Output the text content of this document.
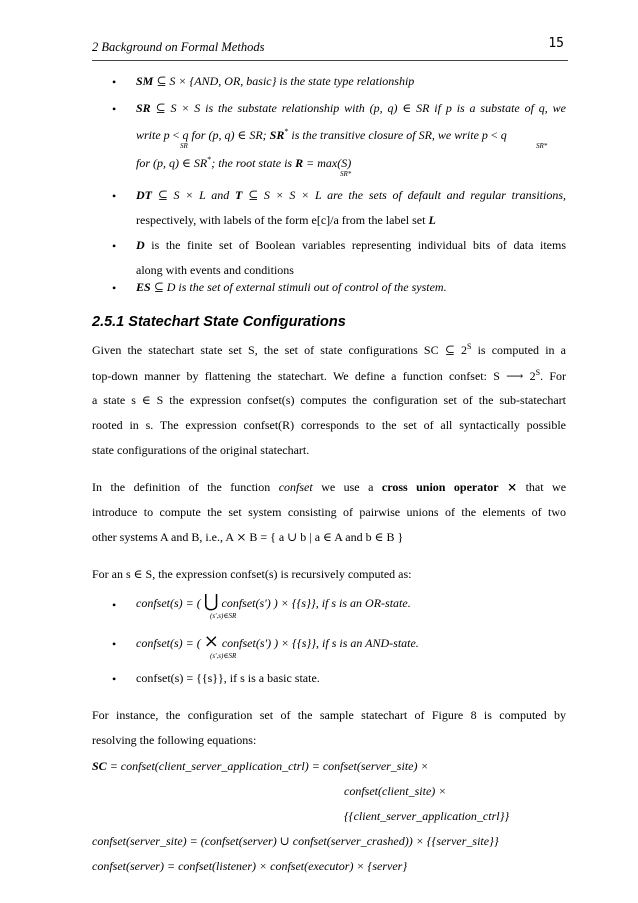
2 Background on Formal Methods	15
• SM ⊆ S × {AND, OR, basic} is the state type relationship
• SR ⊆ S × S is the substate relationship with (p, q) ∈ SR if p is a substate of q, we
write p < q for (p, q) ∈ SR; SR* is the transitive closure of SR, we write p < q
SR	SR*
for (p, q) ∈ SR*; the root state is R = max(S)
SR*
• DT ⊆ S × L and T ⊆ S × S × L are the sets of default and regular transitions,
respectively, with labels of the form e[c]/a from the label set L
• D is the finite set of Boolean variables representing individual bits of data items
along with events and conditions
• ES ⊆ D is the set of external stimuli out of control of the system.
2.5.1 Statechart State Configurations
Given the statechart state set S, the set of state configurations SC ⊆ $2^S$ is computed in a
top-down manner by flattening the statechart. We define a function confset: S ⟶ $2^S$. For
a state s ∈ S the expression confset(s) computes the configuration set of the sub-statechart
rooted in s. The expression confset(R) corresponds to the set of all syntactically possible
state configurations of the original statechart.
In the definition of the function confset we use a cross union operator ⨯ that we
introduce to compute the set system consisting of pairwise unions of the elements of two
other systems A and B, i.e., A ⨯ B = { a ∪ b | a ∈ A and b ∈ B }
For an s ∈ S, the expression confset(s) is recursively computed as:
• confset(s) = ( ⋃ confset(s') ) × {{s}}, if s is an OR-state.
(s',s)∈SR
• confset(s) = ( ⨯ confset(s') ) × {{s}}, if s is an AND-state.
(s',s)∈SR
• confset(s) = {{s}}, if s is a basic state.
For instance, the configuration set of the sample statechart of Figure 8 is computed by
resolving the following equations:
SC = confset(client_server_application_ctrl) = confset(server_site) ×
confset(client_site) ×
{{client_server_application_ctrl}}
confset(server_site) = (confset(server) ∪ confset(server_crashed)) × {{server_site}}
confset(server) = confset(listener) × confset(executor) × {server}
